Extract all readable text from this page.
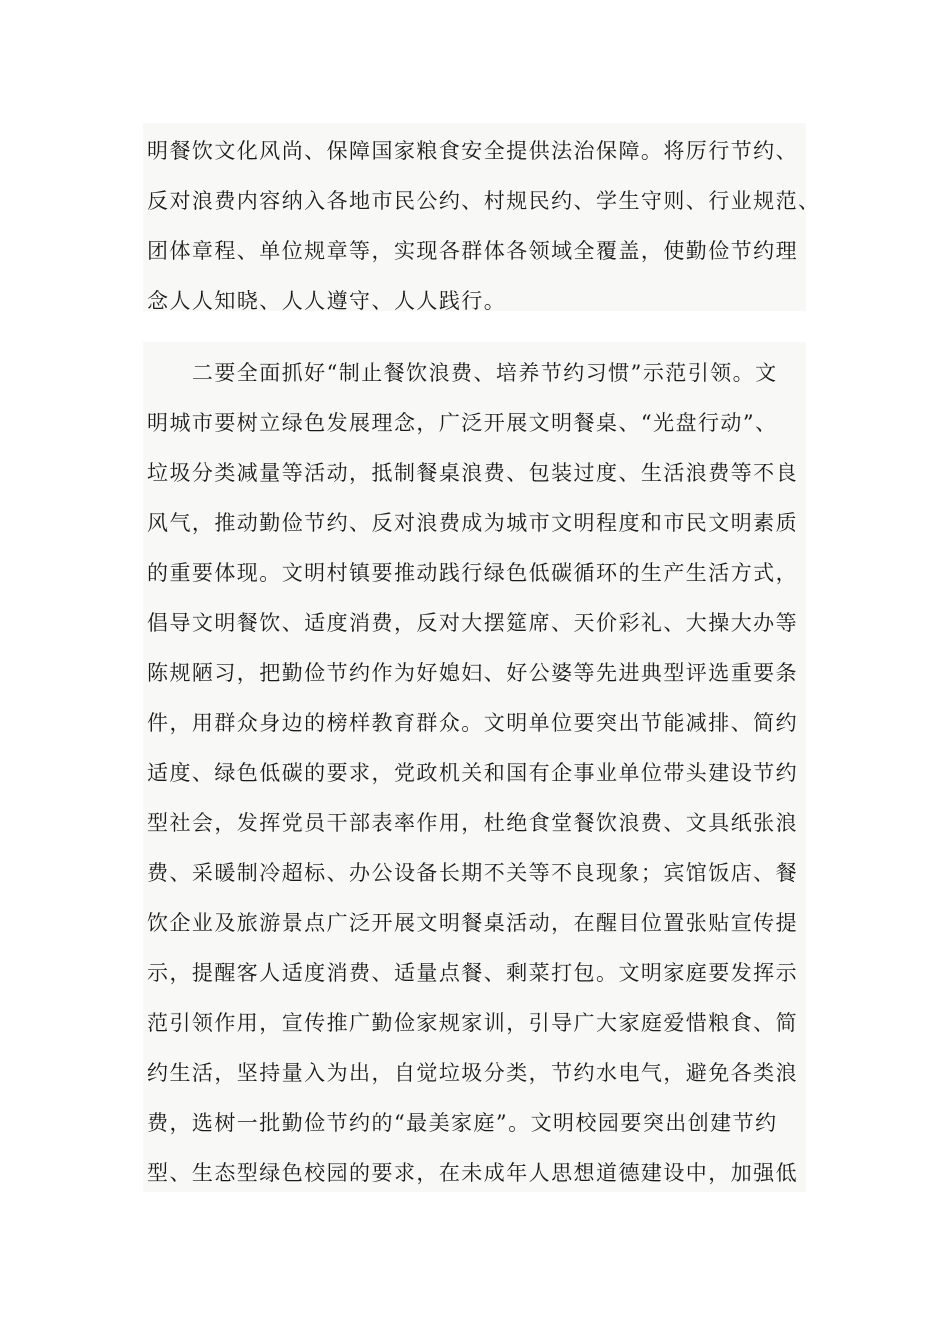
明餐饮文化风尚、保障国家粮食安全提供法治保障。将厉行节约、
反对浪费内容纳入各地市民公约、村规民约、学生守则、行业规范、
团体章程、单位规章等，实现各群体各领域全覆盖，使勤俭节约理
念人人知晓、人人遵守、人人践行。
　　二要全面抓好“制止餐饮浪费、培养节约习惯”示范引领。文
明城市要树立绿色发展理念，广泛开展文明餐桌、“光盘行动”、
垃圾分类减量等活动，抵制餐桌浪费、包装过度、生活浪费等不良
风气，推动勤俭节约、反对浪费成为城市文明程度和市民文明素质
的重要体现。文明村镇要推动践行绿色低碳循环的生产生活方式，
倡导文明餐饮、适度消费，反对大摆筵席、天价彩礼、大操大办等
陈规陋习，把勤俭节约作为好媳妇、好公婆等先进典型评选重要条
件，用群众身边的榜样教育群众。文明单位要突出节能减排、简约
适度、绿色低碳的要求，党政机关和国有企事业单位带头建设节约
型社会，发挥党员干部表率作用，杜绝食堂餐饮浪费、文具纸张浪
费、采暖制冷超标、办公设备长期不关等不良现象；宾馆饭店、餐
饮企业及旅游景点广泛开展文明餐桌活动，在醒目位置张贴宣传提
示，提醒客人适度消费、适量点餐、剩菜打包。文明家庭要发挥示
范引领作用，宣传推广勤俭家规家训，引导广大家庭爱惜粮食、简
约生活，坚持量入为出，自觉垃圾分类，节约水电气，避免各类浪
费，选树一批勤俭节约的“最美家庭”。文明校园要突出创建节约
型、生态型绿色校园的要求，在未成年人思想道德建设中，加强低
